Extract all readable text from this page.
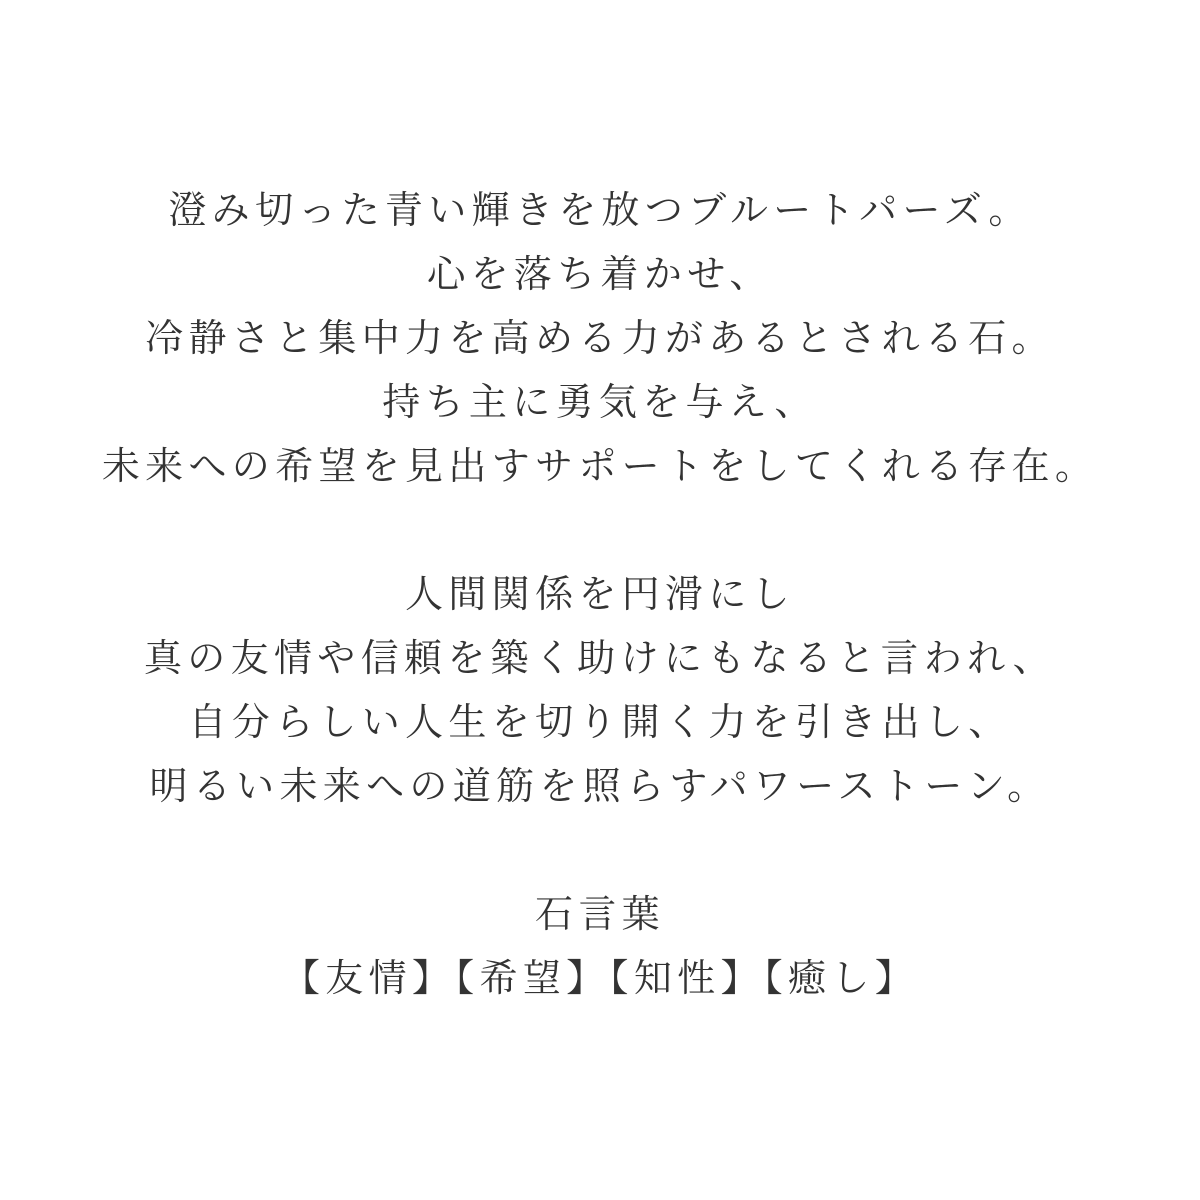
澄み切った青い輝きを放つブルートパーズ。
心を落ち着かせ、
冷静さと集中力を高める力があるとされる石。
持ち主に勇気を与え、
未来への希望を見出すサポートをしてくれる存在。
人間関係を円滑にし
真の友情や信頼を築く助けにもなると言われ、
自分らしい人生を切り開く力を引き出し、
明るい未来への道筋を照らすパワーストーン。
石言葉
【友情】【希望】【知性】【癒し】
